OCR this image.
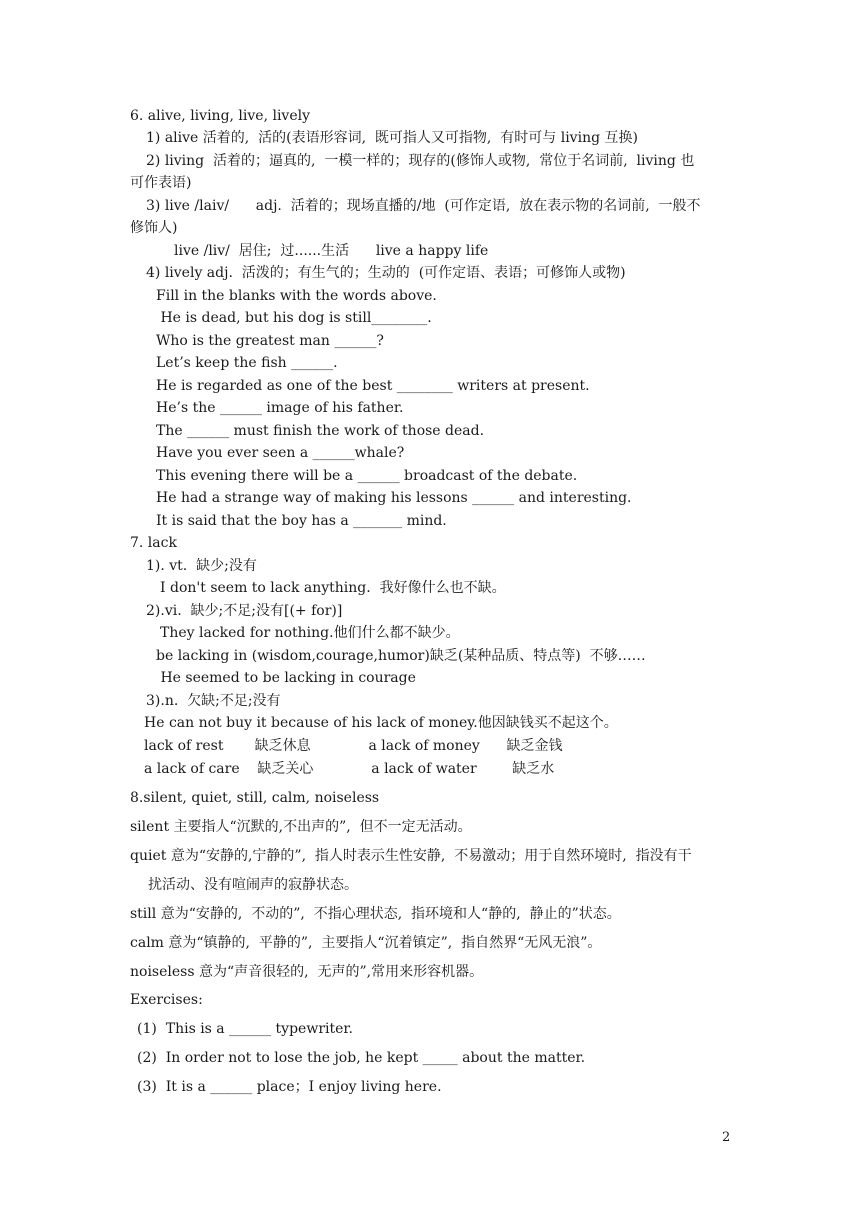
6. alive, living, live, lively
1) alive 活着的,  活的(表语形容词,  既可指人又可指物,  有时可与 living 互换)
2) living  活着的；逼真的,  一模一样的；现存的(修饰人或物,  常位于名词前,  living 也
可作表语)
3) live /laiv/      adj.  活着的；现场直播的/地  (可作定语,  放在表示物的名词前,  一般不
修饰人)
live /liv/  居住;  过......生活      live a happy life
4) lively adj.  活泼的；有生气的；生动的  (可作定语、表语；可修饰人或物)
Fill in the blanks with the words above.
He is dead, but his dog is still________.
Who is the greatest man ______?
Let’s keep the fish ______.
He is regarded as one of the best ________ writers at present.
He’s the ______ image of his father.
The ______ must finish the work of those dead.
Have you ever seen a ______whale?
This evening there will be a ______ broadcast of the debate.
He had a strange way of making his lessons ______ and interesting.
It is said that the boy has a _______ mind.
7. lack
1). vt.  缺少;没有
I don't seem to lack anything.  我好像什么也不缺。
2).vi.  缺少;不足;没有[(+ for)]
They lacked for nothing.他们什么都不缺少。
be lacking in (wisdom,courage,humor)缺乏(某种品质、特点等)  不够……
He seemed to be lacking in courage
3).n.  欠缺;不足;没有
He can not buy it because of his lack of money.他因缺钱买不起这个。
lack of rest       缺乏休息             a lack of money      缺乏金钱
a lack of care    缺乏关心             a lack of water        缺乏水
8.silent, quiet, still, calm, noiseless
silent 主要指人“沉默的,不出声的”,  但不一定无活动。
quiet 意为“安静的,宁静的”,  指人时表示生性安静,  不易激动；用于自然环境时,  指没有干
扰活动、没有喧闹声的寂静状态。
still 意为“安静的,  不动的”,  不指心理状态,  指环境和人“静的,  静止的”状态。
calm 意为“镇静的,  平静的”,  主要指人“沉着镇定”,  指自然界“无风无浪”。
noiseless 意为“声音很轻的,  无声的”,常用来形容机器。
Exercises:
(1)  This is a ______ typewriter.
(2)  In order not to lose the job, he kept _____ about the matter.
(3)  It is a ______ place；I enjoy living here.
2
